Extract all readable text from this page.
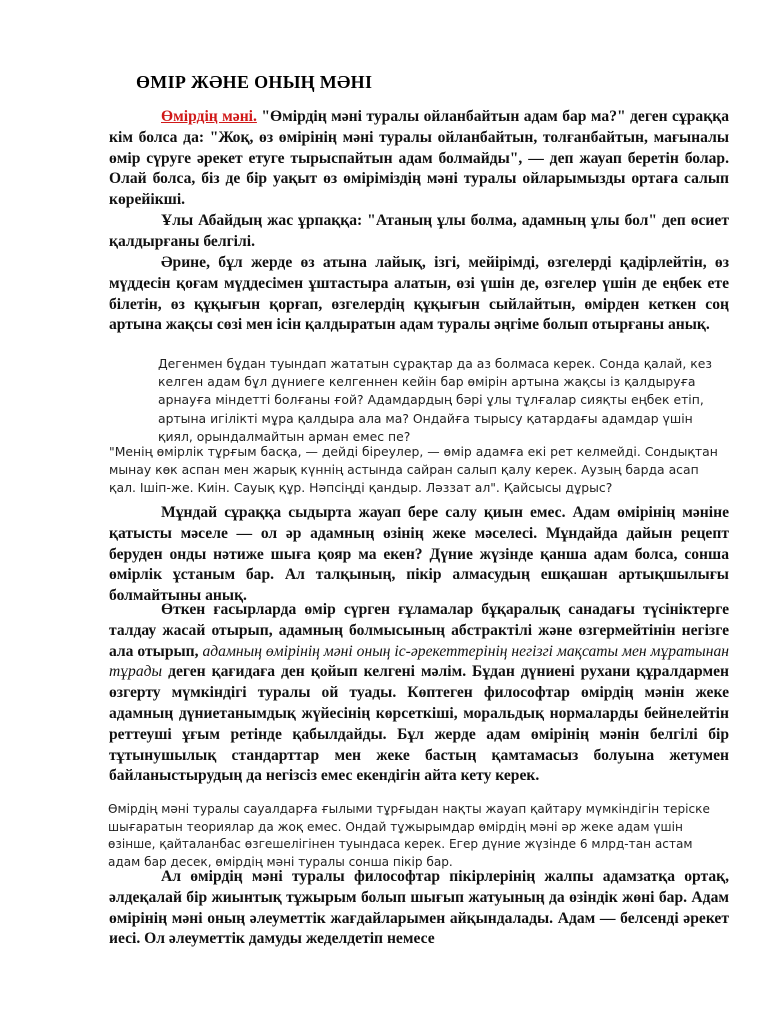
ӨМІР ЖӘНЕ ОНЫҢ МӘНІ

Өмірдің мәні. "Өмірдің мәні туралы ойланбайтын адам бар ма?" деген сұраққа кім болса да: "Жоқ, өз өмірінің мәні туралы ойланбайтын, толғанбайтын, мағыналы өмір сүруге әрекет етуге тырыспайтын адам болмайды", — деп жауап беретін болар. Олай болса, біз де бір уақыт өз өміріміздің мәні туралы ойларымызды ортаға салып көрейікші.

Ұлы Абайдың жас ұрпаққа: "Атаның ұлы болма, адамның ұлы бол" деп өсиет қалдырғаны белгілі.

Әрине, бұл жерде өз атына лайық, ізгі, мейірімді, өзгелерді қадірлейтін, өз мүддесін қоғам мүддесімен ұштастыра алатын, өзі үшін де, өзгелер үшін де еңбек ете білетін, өз құқығын қорғап, өзгелердің құқығын сыйлайтын, өмірден кеткен соң артына жақсы сөзі мен ісін қалдыратын адам туралы әңгіме болып отырғаны анық.

Дегенмен бұдан туындап жататын сұрақтар да аз болмаса керек. Сонда қалай, кез келген адам бұл дүниеге келгеннен кейін бар өмірін артына жақсы із қалдыруға арнауға міндетті болғаны ғой? Адамдардың бәрі ұлы тұлғалар сияқты еңбек етіп, артына игілікті мұра қалдыра ала ма? Ондайға тырысу қатардағы адамдар үшін қиял, орындалмайтын арман емес пе?

"Менің өмірлік тұрғым басқа, — дейді біреулер, — өмір адамға екі рет келмейді. Сондықтан мынау көк аспан мен жарық күннің астында сайран салып қалу керек. Аузың барда асап қал. Ішіп-же. Киін. Сауық құр. Нәпсіңді қандыр. Ләззат ал". Қайсысы дұрыс?

Мұндай сұраққа сыдырта жауап бере салу қиын емес. Адам өмірінің мәніне қатысты мәселе — ол әр адамның өзінің жеке мәселесі. Мұндайда дайын рецепт беруден онды нәтиже шыға қояр ма екен? Дүние жүзінде қанша адам болса, сонша өмірлік ұстаным бар. Ал талқының, пікір алмасудың ешқашан артықшылығы болмайтыны анық.

Өткен ғасырларда өмір сүрген ғұламалар бұқаралық санадағы түсініктерге талдау жасай отырып, адамның болмысының абстрактілі және өзгермейтінін негізге ала отырып, адамның өмірінің мәні оның іс-әрекеттерінің негізгі мақсаты мен мұратынан тұрады деген қағидаға ден қойып келгені мәлім. Бұдан дүниені рухани құралдармен өзгерту мүмкіндігі туралы ой туады. Көптеген философтар өмірдің мәнін жеке адамның дүниетанымдық жүйесінің көрсеткіші, моральдық нормаларды бейнелейтін реттеуші ұғым ретінде қабылдайды. Бұл жерде адам өмірінің мәнін белгілі бір тұтынушылық стандарттар мен жеке бастың қамтамасыз болуына жетумен байланыстырудың да негізсіз емес екендігін айта кету керек.

Өмірдің мәні туралы сауалдарға ғылыми тұрғыдан нақты жауап қайтару мүмкіндігін теріске шығаратын теориялар да жоқ емес. Ондай тұжырымдар өмірдің мәні әр жеке адам үшін өзінше, қайталанбас өзгешелігінен туындаса керек. Егер дүние жүзінде 6 млрд-тан астам адам бар десек, өмірдің мәні туралы сонша пікір бар.

Ал өмірдің мәні туралы философтар пікірлерінің жалпы адамзатқа ортақ, әлдеқалай бір жиынтық тұжырым болып шығып жатуының да өзіндік жөні бар. Адам өмірінің мәні оның әлеуметтік жағдайларымен айқындалады. Адам — белсенді әрекет иесі. Ол әлеуметтік дамуды жеделдетіп немесе
